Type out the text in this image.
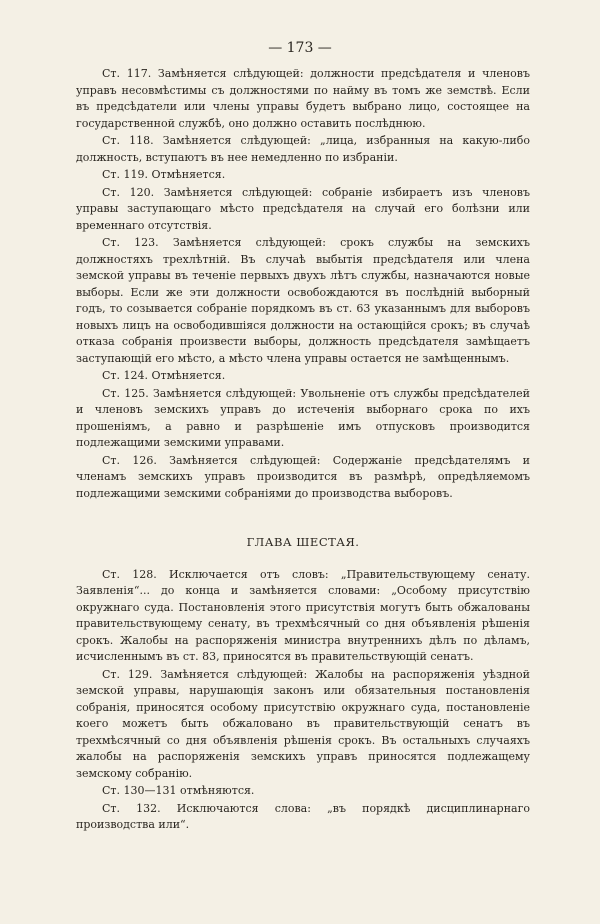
— 173 —

Ст. 117. Замѣняется слѣдующей: должности предсѣдателя и членовъ управъ несовмѣстимы съ должностями по найму въ томъ же земствѣ. Если въ предсѣдатели или члены управы будетъ выбрано лицо, состоящее на государственной службѣ, оно должно оставить послѣднюю.

Ст. 118. Замѣняется слѣдующей: „лица, избранныя на какую-либо должность, вступаютъ въ нее немедленно по избраніи.

Ст. 119. Отмѣняется.

Ст. 120. Замѣняется слѣдующей: собраніе избираетъ изъ членовъ управы заступающаго мѣсто предсѣдателя на случай его болѣзни или временнаго отсутствія.

Ст. 123. Замѣняется слѣдующей: срокъ службы на земскихъ должностяхъ трехлѣтній. Въ случаѣ выбытія предсѣдателя или члена земской управы въ теченіе первыхъ двухъ лѣтъ службы, назначаются новые выборы. Если же эти должности освобождаются въ послѣдній выборный годъ, то созывается собраніе порядкомъ въ ст. 63 указаннымъ для выборовъ новыхъ лицъ на освободившіяся должности на остающійся срокъ; въ случаѣ отказа собранія произвести выборы, должность предсѣдателя замѣщаетъ заступающій его мѣсто, а мѣсто члена управы остается не замѣщеннымъ.

Ст. 124. Отмѣняется.

Ст. 125. Замѣняется слѣдующей: Увольненіе отъ службы предсѣдателей и членовъ земскихъ управъ до истеченія выборнаго срока по ихъ прошеніямъ, а равно и разрѣшеніе имъ отпусковъ производится подлежащими земскими управами.

Ст. 126. Замѣняется слѣдующей: Содержаніе предсѣдателямъ и членамъ земскихъ управъ производится въ размѣрѣ, опредѣляемомъ подлежащими земскими собраніями до производства выборовъ.

ГЛАВА ШЕСТАЯ.

Ст. 128. Исключается отъ словъ: „Правительствующему сенату. Заявленія“... до конца и замѣняется словами: „Особому присутствію окружнаго суда. Постановленія этого присутствія могутъ быть обжалованы правительствующему сенату, въ трехмѣсячный со дня объявленія рѣшенія срокъ. Жалобы на распоряженія министра внутреннихъ дѣлъ по дѣламъ, исчисленнымъ въ ст. 83, приносятся въ правительствующій сенатъ.

Ст. 129. Замѣняется слѣдующей: Жалобы на распоряженія уѣздной земской управы, нарушающія законъ или обязательныя постановленія собранія, приносятся особому присутствію окружнаго суда, постановленіе коего можетъ быть обжаловано въ правительствующій сенатъ въ трехмѣсячный со дня объявленія рѣшенія срокъ. Въ остальныхъ случаяхъ жалобы на распоряженія земскихъ управъ приносятся подлежащему земскому собранію.

Ст. 130—131 отмѣняются.

Ст. 132. Исключаются слова: „въ порядкѣ дисциплинарнаго производства или“.
